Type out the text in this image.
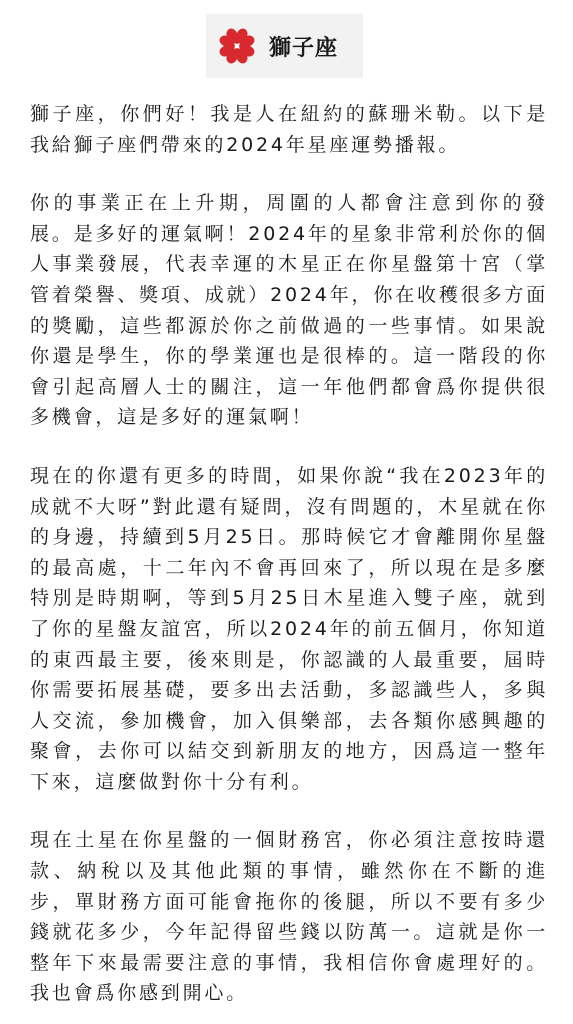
獅子座

獅子座，你們好！我是人在紐約的蘇珊米勒。以下是我給獅子座們帶來的2024年星座運勢播報。

你的事業正在上升期，周圍的人都會注意到你的發展。是多好的運氣啊！2024年的星象非常利於你的個人事業發展，代表幸運的木星正在你星盤第十宮（掌管着榮譽、獎項、成就）2024年，你在收穫很多方面的獎勵，這些都源於你之前做過的一些事情。如果說你還是學生，你的學業運也是很棒的。這一階段的你會引起高層人士的關注，這一年他們都會爲你提供很多機會，這是多好的運氣啊！

現在的你還有更多的時間，如果你說“我在2023年的成就不大呀”對此還有疑問，沒有問題的，木星就在你的身邊，持續到5月25日。那時候它才會離開你星盤的最高處，十二年內不會再回來了，所以現在是多麼特別是時期啊，等到5月25日木星進入雙子座，就到了你的星盤友誼宮，所以2024年的前五個月，你知道的東西最主要，後來則是，你認識的人最重要，屆時你需要拓展基礎，要多出去活動，多認識些人，多與人交流，參加機會，加入俱樂部，去各類你感興趣的聚會，去你可以結交到新朋友的地方，因爲這一整年下來，這麼做對你十分有利。

現在土星在你星盤的一個財務宮，你必須注意按時還款、納稅以及其他此類的事情，雖然你在不斷的進步，單財務方面可能會拖你的後腿，所以不要有多少錢就花多少，今年記得留些錢以防萬一。這就是你一整年下來最需要注意的事情，我相信你會處理好的。我也會爲你感到開心。
